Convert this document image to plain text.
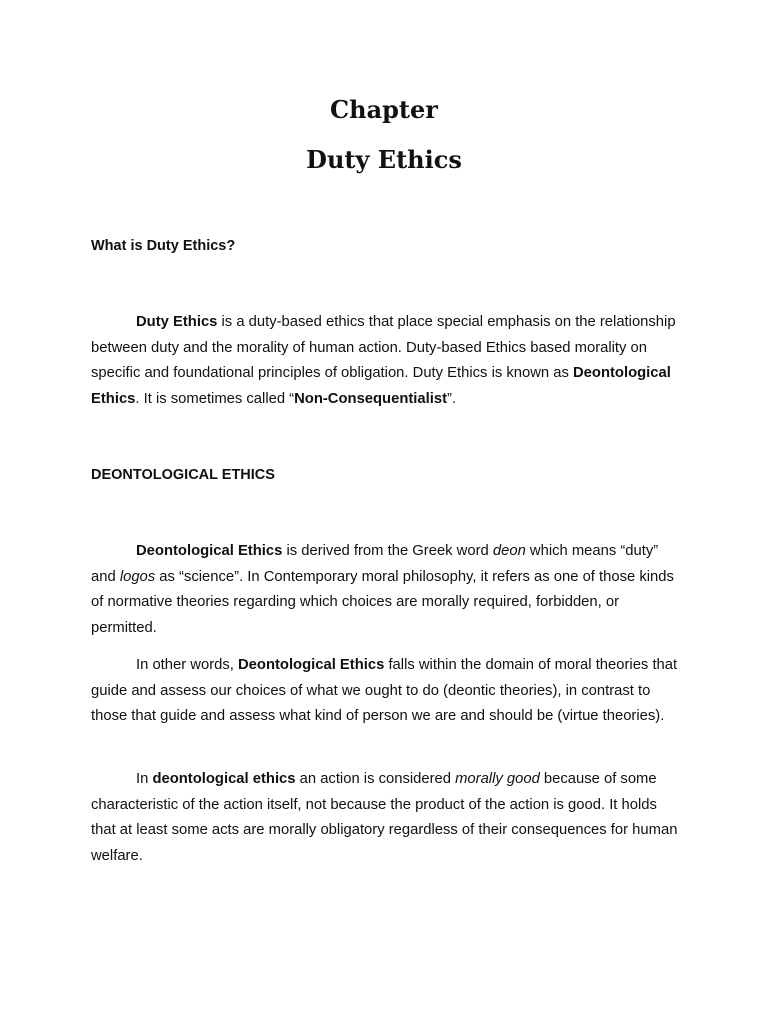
Chapter
Duty Ethics

What is Duty Ethics?

Duty Ethics is a duty-based ethics that place special emphasis on the relationship between duty and the morality of human action. Duty-based Ethics based morality on specific and foundational principles of obligation. Duty Ethics is known as Deontological Ethics. It is sometimes called “Non-Consequentialist”.

DEONTOLOGICAL ETHICS

Deontological Ethics is derived from the Greek word deon which means “duty” and logos as “science”. In Contemporary moral philosophy, it refers as one of those kinds of normative theories regarding which choices are morally required, forbidden, or permitted.

In other words, Deontological Ethics falls within the domain of moral theories that guide and assess our choices of what we ought to do (deontic theories), in contrast to those that guide and assess what kind of person we are and should be (virtue theories).

In deontological ethics an action is considered morally good because of some characteristic of the action itself, not because the product of the action is good. It holds that at least some acts are morally obligatory regardless of their consequences for human welfare.
